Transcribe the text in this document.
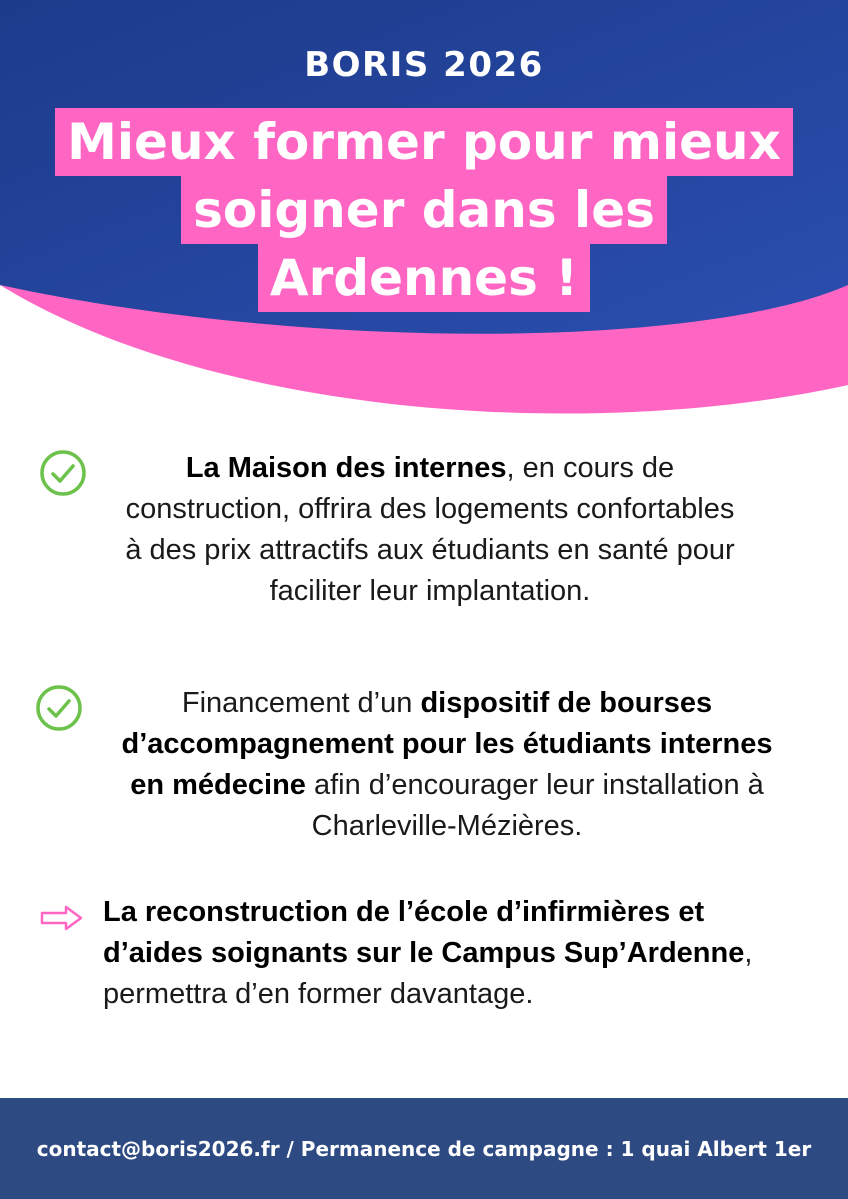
BORIS 2026
Mieux former pour mieux
soigner dans les
Ardennes !
La Maison des internes, en cours de construction, offrira des logements confortables à des prix attractifs aux étudiants en santé pour faciliter leur implantation.
Financement d’un dispositif de bourses d’accompagnement pour les étudiants internes en médecine afin d’encourager leur installation à Charleville-Mézières.
La reconstruction de l’école d’infirmières et d’aides soignants sur le Campus Sup’Ardenne, permettra d’en former davantage.
contact@boris2026.fr / Permanence de campagne : 1 quai Albert 1er
